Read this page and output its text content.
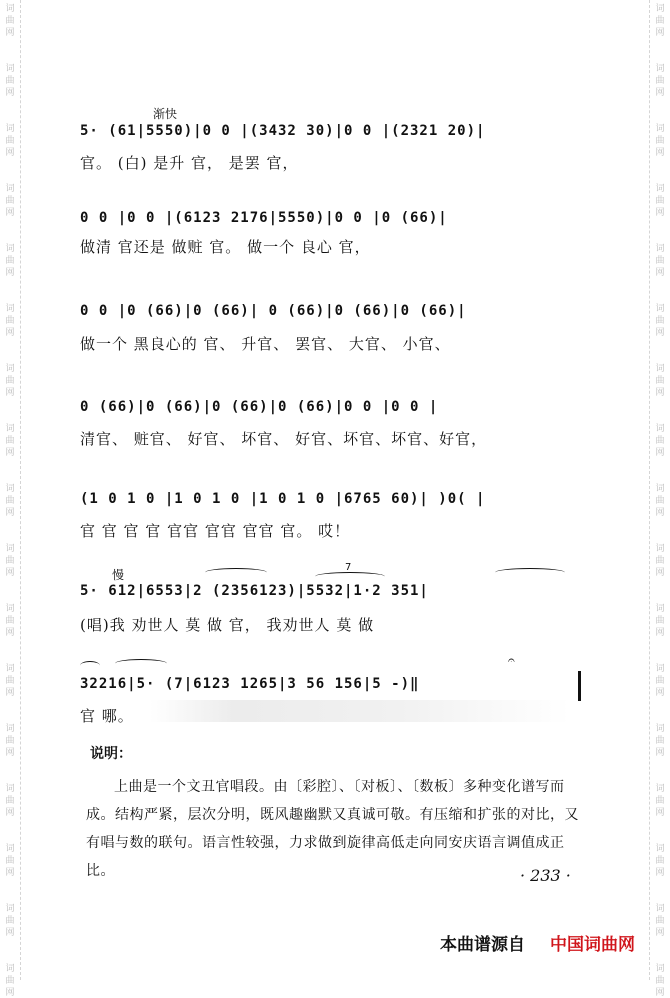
词
曲
网
词
曲
网
词
曲
网
词
曲
网
词
曲
网
词
曲
网
词
曲
网
词
曲
网
词
曲
网
词
曲
网
词
曲
网
词
曲
网
词
曲
网
词
曲
网
词
曲
网
词
曲
网
词
曲
网
词
曲
网
词
曲
网
词
曲
网
词
曲
网
词
曲
网
词
曲
网
词
曲
网
词
曲
网
词
曲
网
词
曲
网
词
曲
网
词
曲
网
词
曲
网
词
曲
网
词
曲
网
词
曲
网
词
曲
网
渐快
5· (61|5550)|0 0 |(3432 30)|0 0 |(2321 20)|
官。 (白) 是升 官， 是罢 官，
0 0 |0 0 |(6123 2176|5550)|0 0 |0 (66)|
做清 官还是 做赃 官。 做一个 良心 官，
0 0 |0 (66)|0 (66)| 0 (66)|0 (66)|0 (66)|
做一个 黑良心的 官、 升官、 罢官、 大官、 小官、
0 (66)|0 (66)|0 (66)|0 (66)|0 0 |0 0 |
清官、 赃官、 好官、 坏官、 好官、坏官、坏官、好官，
(1 0 1 0 |1 0 1 0 |1 0 1 0 |6765 60)| )0( |
官 官 官 官 官官 官官 官官 官。 哎！
慢
7
5· 612|6553|2 (2356123)|5532|1·2 351|
(唱)我 劝世人 莫 做 官， 我劝世人 莫 做
𝄐
32216|5· (7|6123 1265|3 56 156|5 -)‖
官 哪。
说明：
上曲是一个文丑官唱段。由〔彩腔〕、〔对板〕、〔数板〕多种变化谱写而成。结构严紧，层次分明，既风趣幽默又真诚可敬。有压缩和扩张的对比，又有唱与数的联句。语言性较强，力求做到旋律高低走向同安庆语言调值成正比。	· 233 ·
本曲谱源自 中国词曲网
